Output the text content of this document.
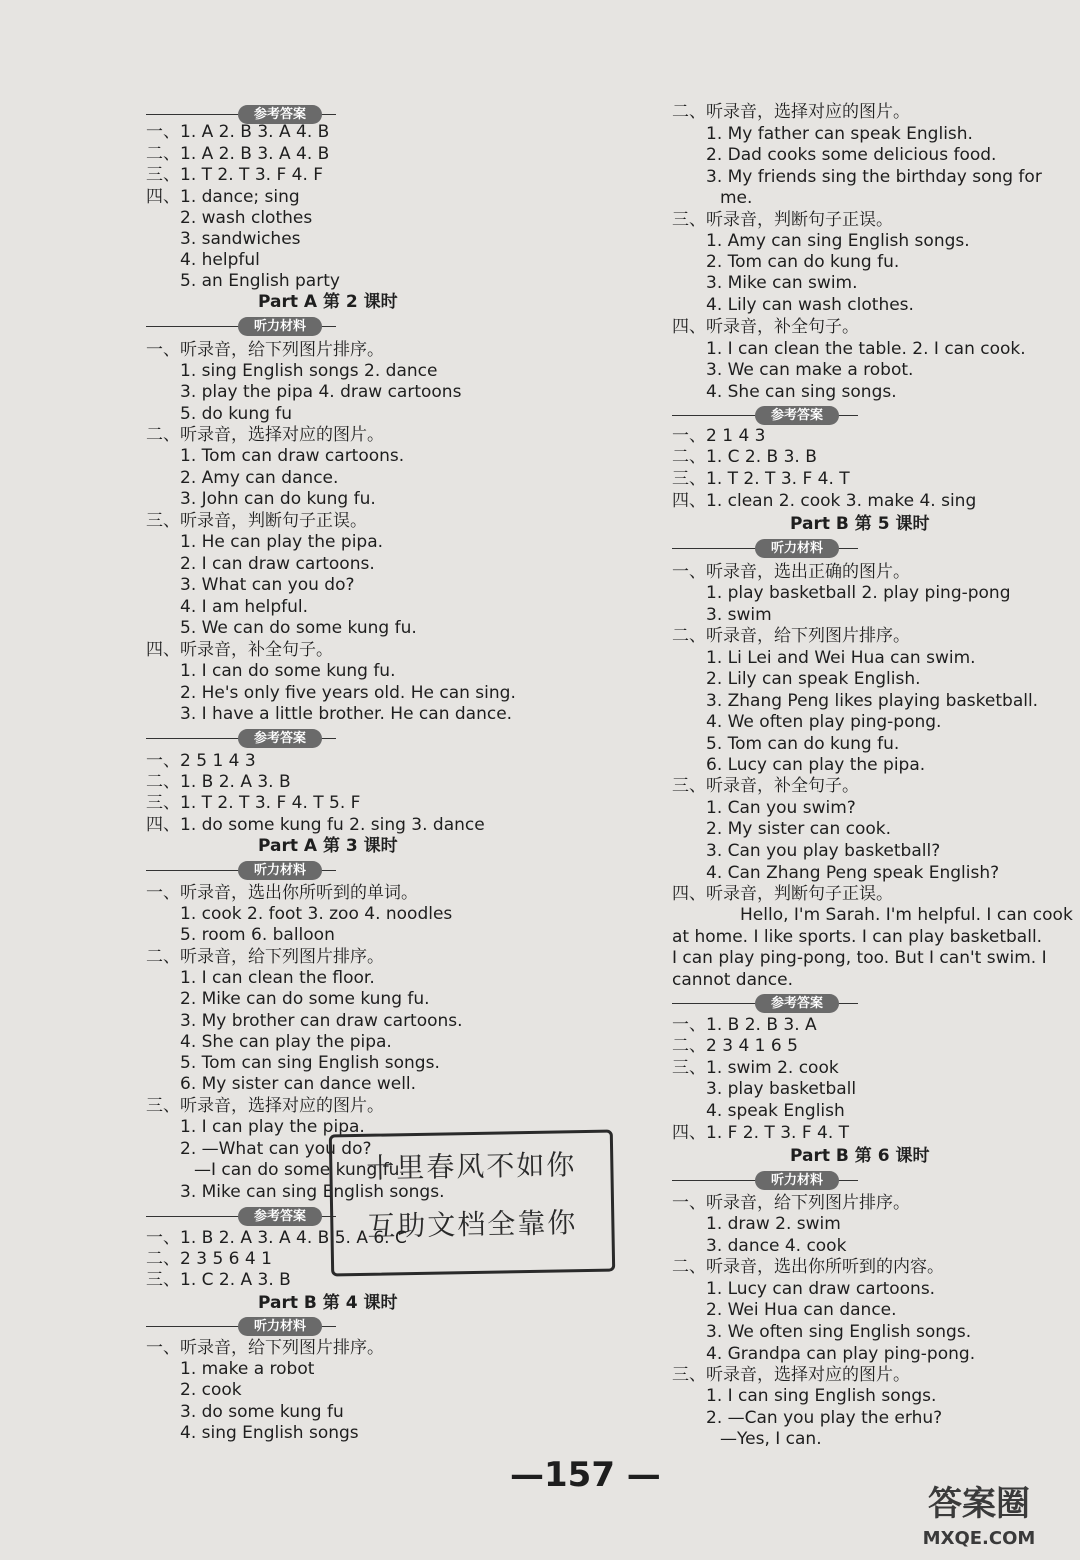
参考答案
一、1. A 2. B 3. A 4. B
二、1. A 2. B 3. A 4. B
三、1. T 2. T 3. F 4. F
四、1. dance; sing
2. wash clothes
3. sandwiches
4. helpful
5. an English party
Part A 第 2 课时
听力材料
一、听录音，给下列图片排序。
1. sing English songs 2. dance
3. play the pipa 4. draw cartoons
5. do kung fu
二、听录音，选择对应的图片。
1. Tom can draw cartoons.
2. Amy can dance.
3. John can do kung fu.
三、听录音，判断句子正误。
1. He can play the pipa.
2. I can draw cartoons.
3. What can you do?
4. I am helpful.
5. We can do some kung fu.
四、听录音，补全句子。
1. I can do some kung fu.
2. He's only five years old. He can sing.
3. I have a little brother. He can dance.
参考答案
一、2 5 1 4 3
二、1. B 2. A 3. B
三、1. T 2. T 3. F 4. T 5. F
四、1. do some kung fu 2. sing 3. dance
Part A 第 3 课时
听力材料
一、听录音，选出你所听到的单词。
1. cook 2. foot 3. zoo 4. noodles
5. room 6. balloon
二、听录音，给下列图片排序。
1. I can clean the floor.
2. Mike can do some kung fu.
3. My brother can draw cartoons.
4. She can play the pipa.
5. Tom can sing English songs.
6. My sister can dance well.
三、听录音，选择对应的图片。
1. I can play the pipa.
2. —What can you do?
—I can do some kung fu.
3. Mike can sing English songs.
参考答案
一、1. B 2. A 3. A 4. B 5. A 6. C
二、2 3 5 6 4 1
三、1. C 2. A 3. B
Part B 第 4 课时
听力材料
一、听录音，给下列图片排序。
1. make a robot
2. cook
3. do some kung fu
4. sing English songs
二、听录音，选择对应的图片。
1. My father can speak English.
2. Dad cooks some delicious food.
3. My friends sing the birthday song for
me.
三、听录音，判断句子正误。
1. Amy can sing English songs.
2. Tom can do kung fu.
3. Mike can swim.
4. Lily can wash clothes.
四、听录音，补全句子。
1. I can clean the table. 2. I can cook.
3. We can make a robot.
4. She can sing songs.
参考答案
一、2 1 4 3
二、1. C 2. B 3. B
三、1. T 2. T 3. F 4. T
四、1. clean 2. cook 3. make 4. sing
Part B 第 5 课时
听力材料
一、听录音，选出正确的图片。
1. play basketball 2. play ping-pong
3. swim
二、听录音，给下列图片排序。
1. Li Lei and Wei Hua can swim.
2. Lily can speak English.
3. Zhang Peng likes playing basketball.
4. We often play ping-pong.
5. Tom can do kung fu.
6. Lucy can play the pipa.
三、听录音，补全句子。
1. Can you swim?
2. My sister can cook.
3. Can you play basketball?
4. Can Zhang Peng speak English?
四、听录音，判断句子正误。
Hello, I'm Sarah. I'm helpful. I can cook
at home. I like sports. I can play basketball.
I can play ping-pong, too. But I can't swim. I
cannot dance.
参考答案
一、1. B 2. B 3. A
二、2 3 4 1 6 5
三、1. swim 2. cook
3. play basketball
4. speak English
四、1. F 2. T 3. F 4. T
Part B 第 6 课时
听力材料
一、听录音，给下列图片排序。
1. draw 2. swim
3. dance 4. cook
二、听录音，选出你所听到的内容。
1. Lucy can draw cartoons.
2. Wei Hua can dance.
3. We often sing English songs.
4. Grandpa can play ping-pong.
三、听录音，选择对应的图片。
1. I can sing English songs.
2. —Can you play the erhu?
—Yes, I can.
—157 —
十里春风不如你
互助文档全靠你
答案圈
MXQE.COM
